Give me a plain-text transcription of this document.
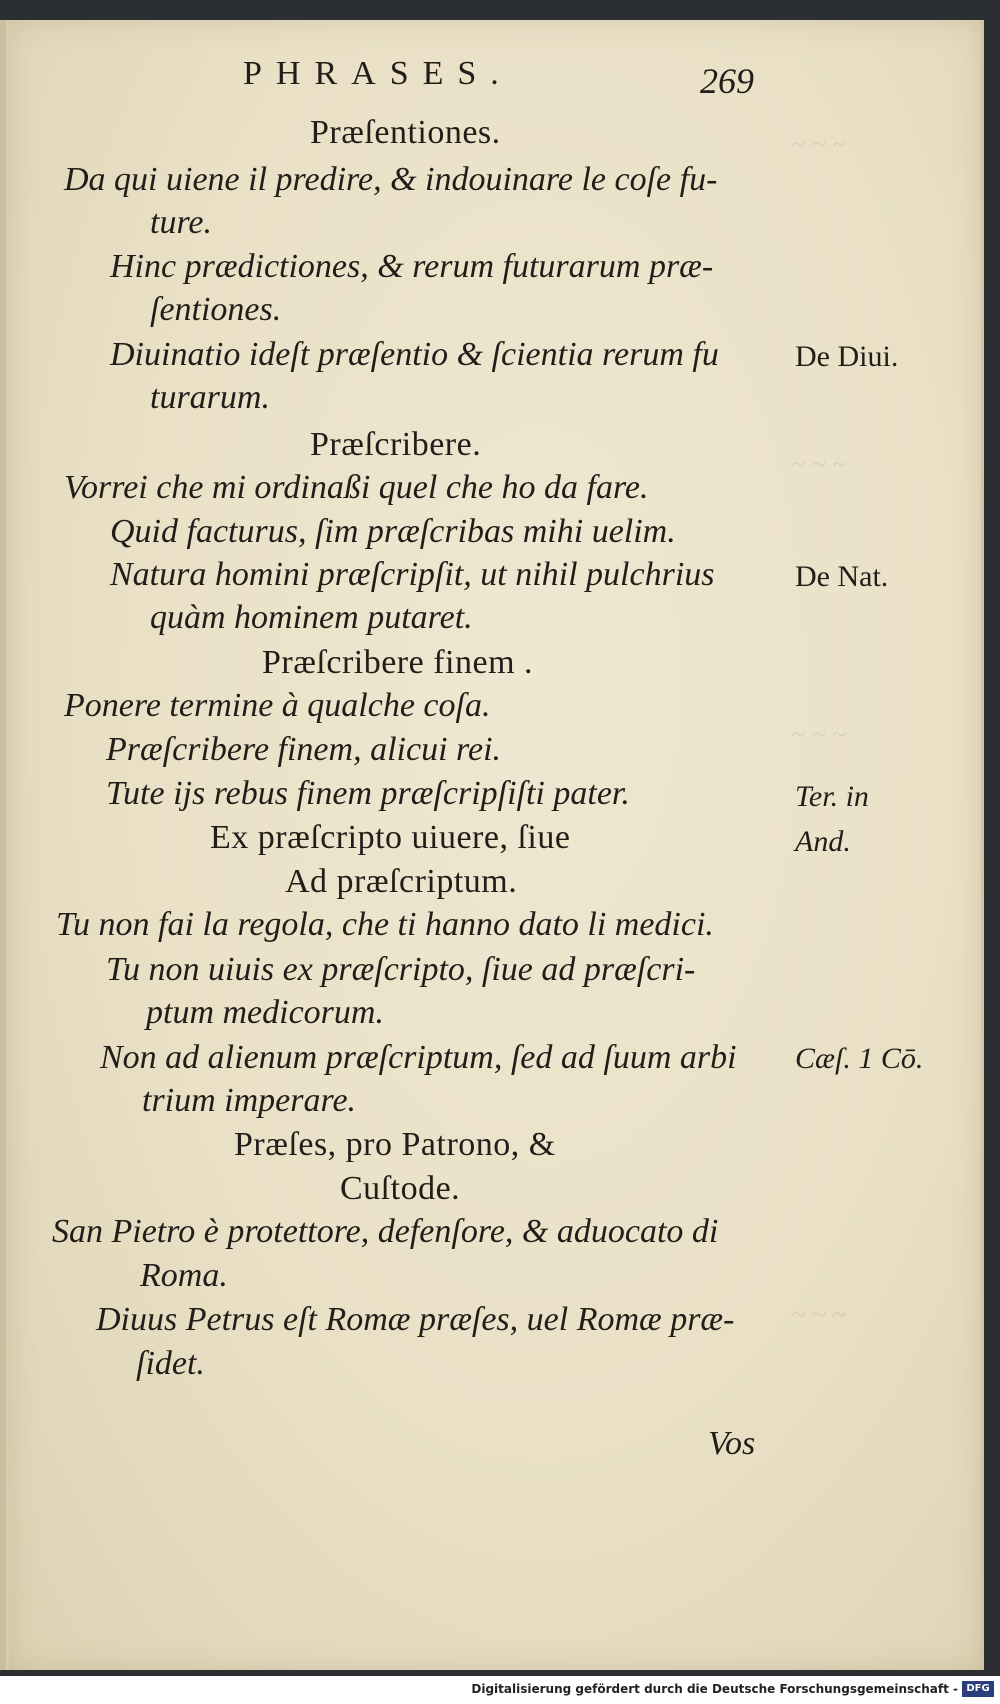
~ ~ ~
~ ~ ~
~ ~ ~
~ ~ ~
PHRASES.	269
Præſentiones.
Da qui uiene il predire, & indouinare le coſe fu-
ture.
Hinc prædictiones, & rerum futurarum præ-
ſentiones.
Diuinatio ideſt præſentio & ſcientia rerum fu
turarum.
Præſcribere.
Vorrei che mi ordinaßi quel che ho da fare.
Quid facturus, ſim præſcribas mihi uelim.
Natura homini præſcripſit, ut nihil pulchrius
quàm hominem putaret.
Præſcribere finem .
Ponere termine à qualche coſa.
Præſcribere finem, alicui rei.
Tute ijs rebus finem præſcripſiſti pater.
Ex præſcripto uiuere, ſiue
Ad præſcriptum.
Tu non fai la regola, che ti hanno dato li medici.
Tu non uiuis ex præſcripto, ſiue ad præſcri-
ptum medicorum.
Non ad alienum præſcriptum, ſed ad ſuum arbi
trium imperare.
Præſes, pro Patrono, &
Cuſtode.
San Pietro è protettore, defenſore, & aduocato di
Roma.
Diuus Petrus eſt Romæ præſes, uel Romæ præ-
ſidet.
De Diui.
De Nat.
Ter. in
And.
Cæſ. 1 Cō.
Vos
Digitalisierung gefördert durch die Deutsche Forschungsgemeinschaft - DFG
